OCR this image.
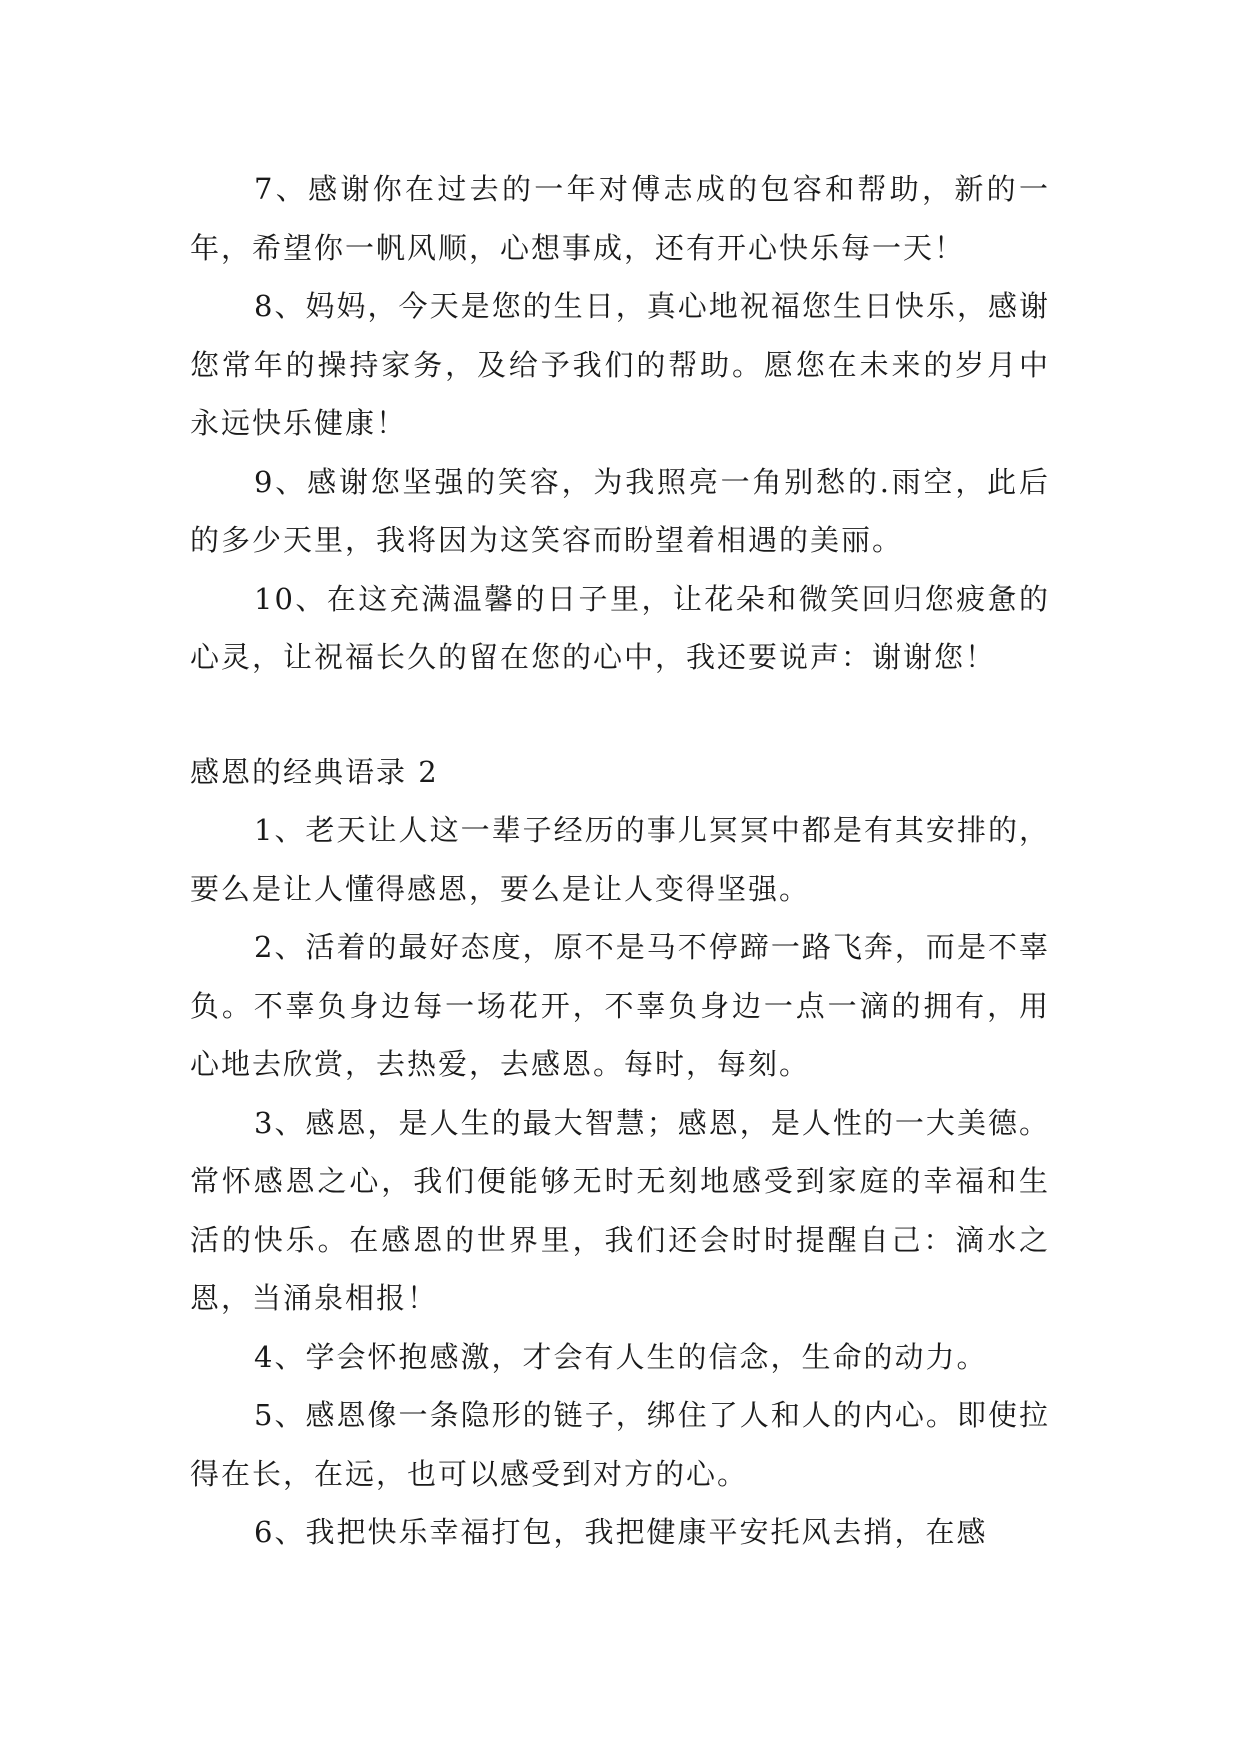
7、感谢你在过去的一年对傅志成的包容和帮助，新的一年，希望你一帆风顺，心想事成，还有开心快乐每一天！

8、妈妈，今天是您的生日，真心地祝福您生日快乐，感谢您常年的操持家务，及给予我们的帮助。愿您在未来的岁月中永远快乐健康！

9、感谢您坚强的笑容，为我照亮一角别愁的.雨空，此后的多少天里，我将因为这笑容而盼望着相遇的美丽。

10、在这充满温馨的日子里，让花朵和微笑回归您疲惫的心灵，让祝福长久的留在您的心中，我还要说声：谢谢您！

感恩的经典语录 2

1、老天让人这一辈子经历的事儿冥冥中都是有其安排的，要么是让人懂得感恩，要么是让人变得坚强。

2、活着的最好态度，原不是马不停蹄一路飞奔，而是不辜负。不辜负身边每一场花开，不辜负身边一点一滴的拥有，用心地去欣赏，去热爱，去感恩。每时，每刻。

3、感恩，是人生的最大智慧；感恩，是人性的一大美德。常怀感恩之心，我们便能够无时无刻地感受到家庭的幸福和生活的快乐。在感恩的世界里，我们还会时时提醒自己：滴水之恩，当涌泉相报！

4、学会怀抱感激，才会有人生的信念，生命的动力。

5、感恩像一条隐形的链子，绑住了人和人的内心。即使拉得在长，在远，也可以感受到对方的心。

6、我把快乐幸福打包，我把健康平安托风去捎，在感
